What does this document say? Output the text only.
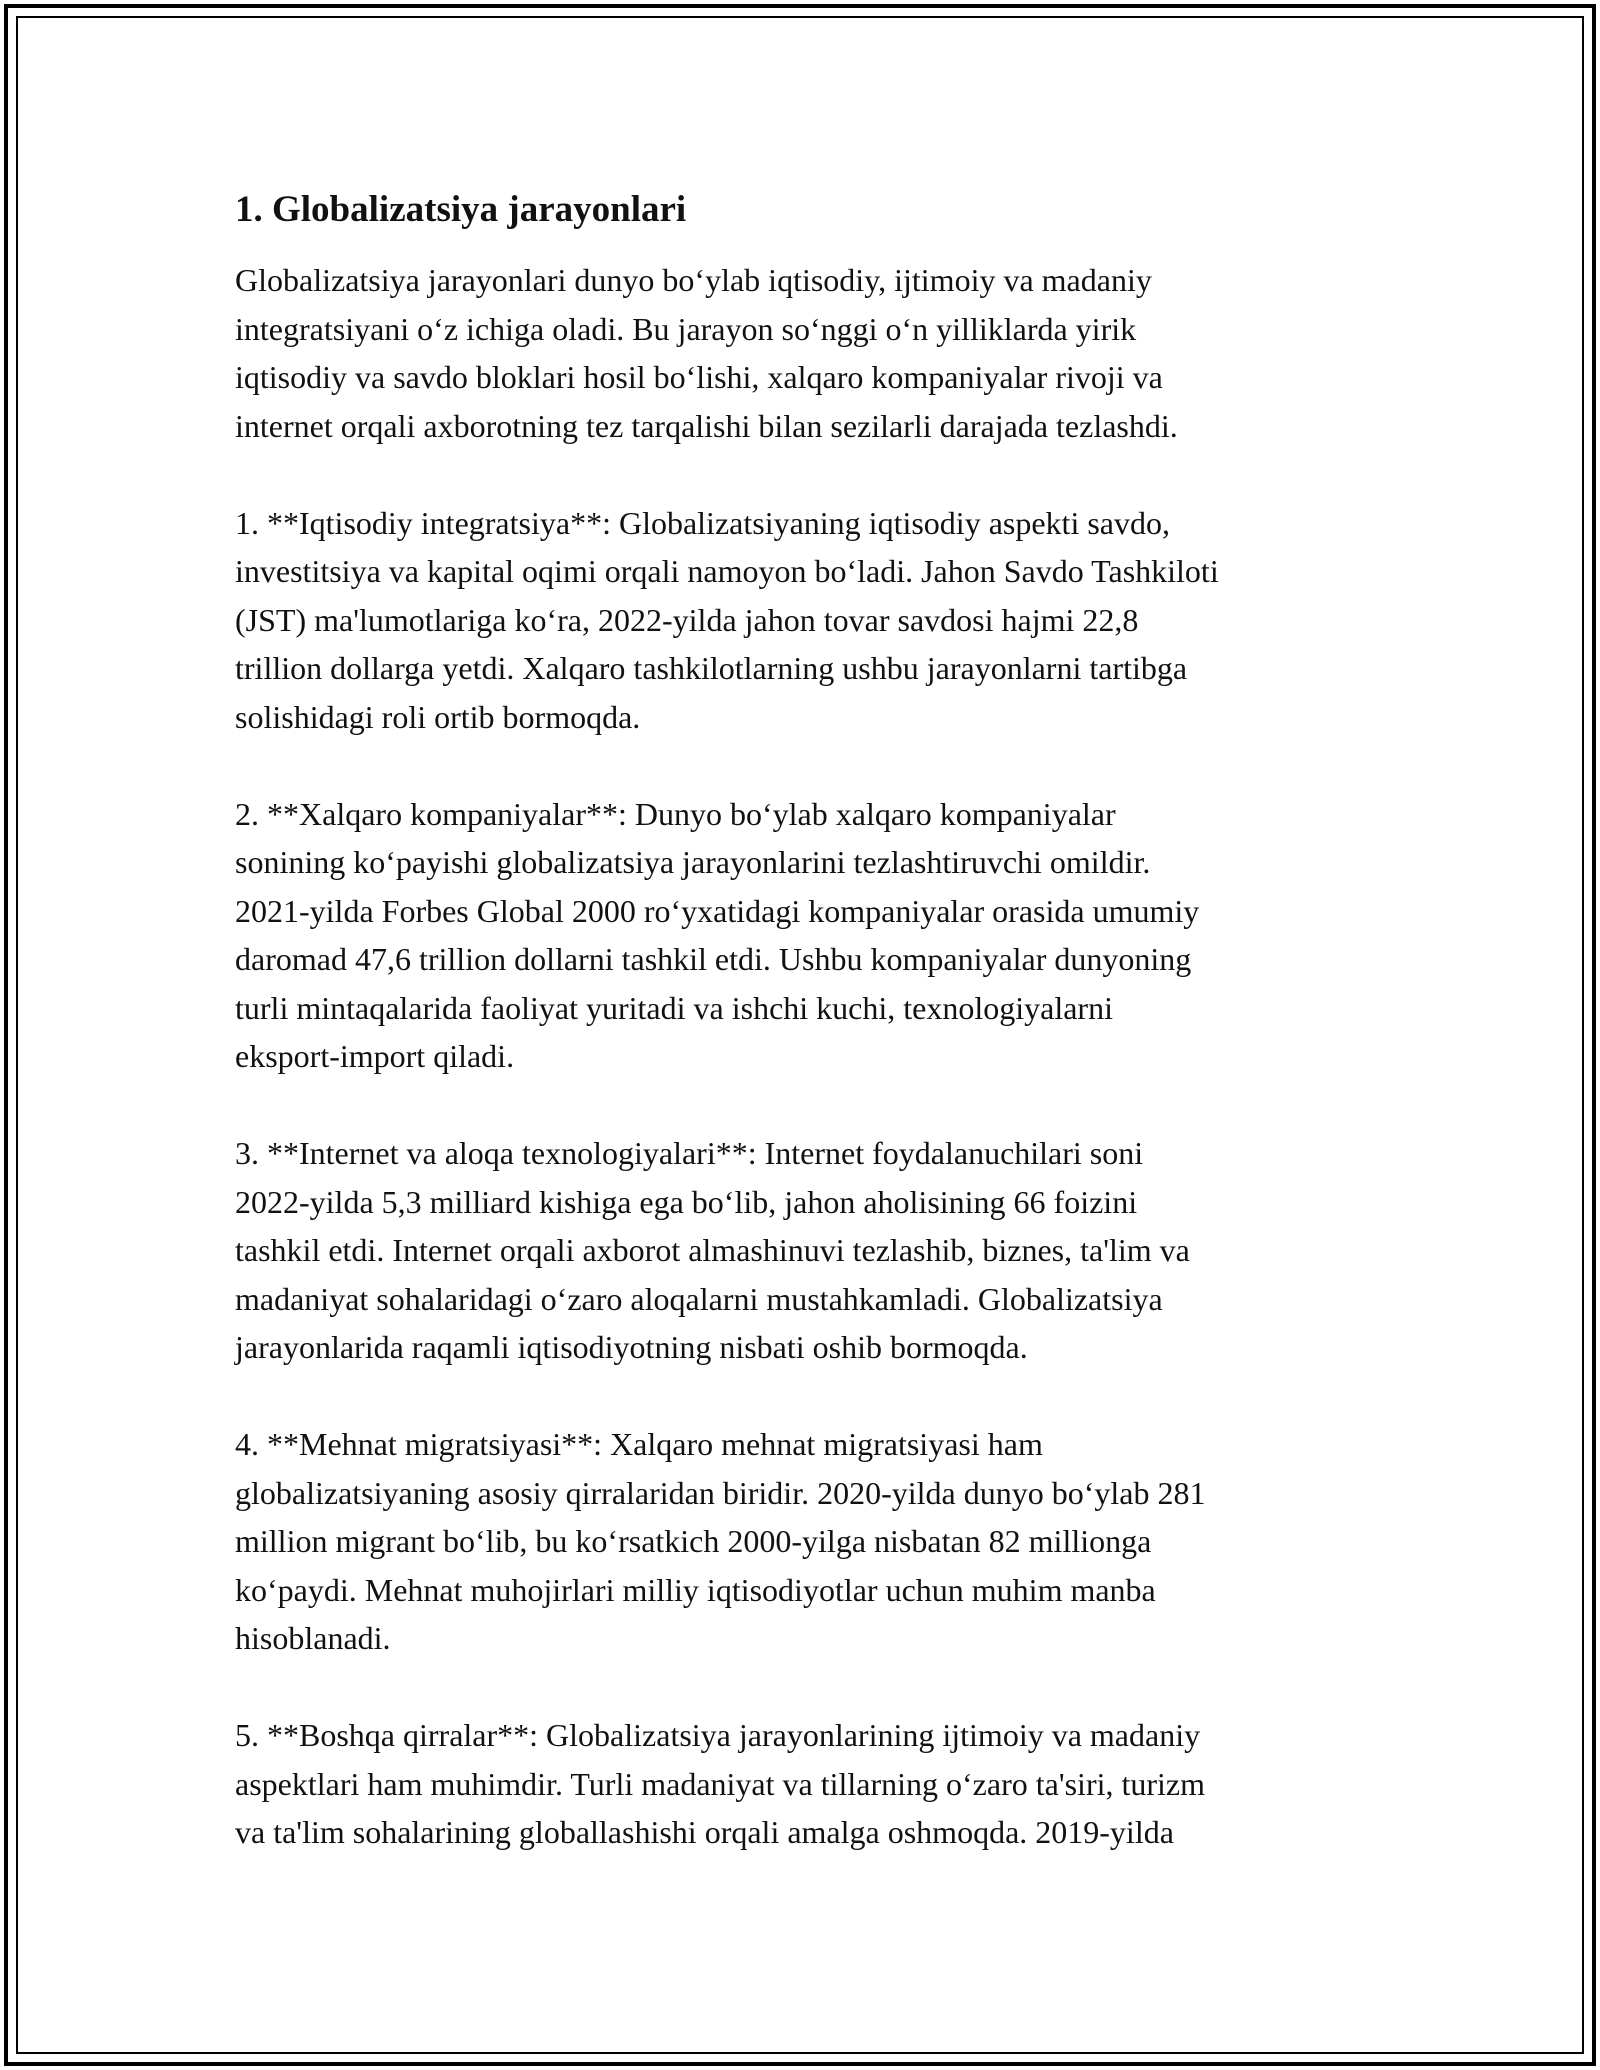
1. Globalizatsiya jarayonlari

Globalizatsiya jarayonlari dunyo bo‘ylab iqtisodiy, ijtimoiy va madaniy
integratsiyani o‘z ichiga oladi. Bu jarayon so‘nggi o‘n yilliklarda yirik
iqtisodiy va savdo bloklari hosil bo‘lishi, xalqaro kompaniyalar rivoji va
internet orqali axborotning tez tarqalishi bilan sezilarli darajada tezlashdi.

1. **Iqtisodiy integratsiya**: Globalizatsiyaning iqtisodiy aspekti savdo,
investitsiya va kapital oqimi orqali namoyon bo‘ladi. Jahon Savdo Tashkiloti
(JST) ma'lumotlariga ko‘ra, 2022-yilda jahon tovar savdosi hajmi 22,8
trillion dollarga yetdi. Xalqaro tashkilotlarning ushbu jarayonlarni tartibga
solishidagi roli ortib bormoqda.

2. **Xalqaro kompaniyalar**: Dunyo bo‘ylab xalqaro kompaniyalar
sonining ko‘payishi globalizatsiya jarayonlarini tezlashtiruvchi omildir.
2021-yilda Forbes Global 2000 ro‘yxatidagi kompaniyalar orasida umumiy
daromad 47,6 trillion dollarni tashkil etdi. Ushbu kompaniyalar dunyoning
turli mintaqalarida faoliyat yuritadi va ishchi kuchi, texnologiyalarni
eksport-import qiladi.

3. **Internet va aloqa texnologiyalari**: Internet foydalanuchilari soni
2022-yilda 5,3 milliard kishiga ega bo‘lib, jahon aholisining 66 foizini
tashkil etdi. Internet orqali axborot almashinuvi tezlashib, biznes, ta'lim va
madaniyat sohalaridagi o‘zaro aloqalarni mustahkamladi. Globalizatsiya
jarayonlarida raqamli iqtisodiyotning nisbati oshib bormoqda.

4. **Mehnat migratsiyasi**: Xalqaro mehnat migratsiyasi ham
globalizatsiyaning asosiy qirralaridan biridir. 2020-yilda dunyo bo‘ylab 281
million migrant bo‘lib, bu ko‘rsatkich 2000-yilga nisbatan 82 millionga
ko‘paydi. Mehnat muhojirlari milliy iqtisodiyotlar uchun muhim manba
hisoblanadi.

5. **Boshqa qirralar**: Globalizatsiya jarayonlarining ijtimoiy va madaniy
aspektlari ham muhimdir. Turli madaniyat va tillarning o‘zaro ta'siri, turizm
va ta'lim sohalarining globallashishi orqali amalga oshmoqda. 2019-yilda
